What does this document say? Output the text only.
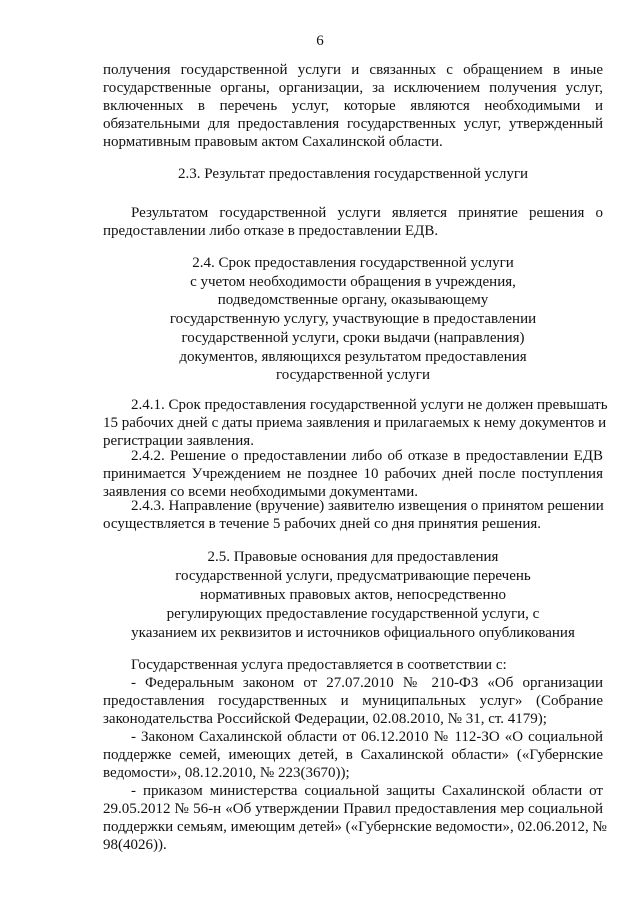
6
получения государственной услуги и связанных с обращением в иные
государственные органы, организации, за исключением получения услуг,
включенных в перечень услуг, которые являются необходимыми и
обязательными для предоставления государственных услуг, утвержденный
нормативным правовым актом Сахалинской области.
2.3. Результат предоставления государственной услуги
Результатом государственной услуги является принятие решения о
предоставлении либо отказе в предоставлении ЕДВ.
2.4. Срок предоставления государственной услуги
с учетом необходимости обращения в учреждения,
подведомственные органу, оказывающему
государственную услугу, участвующие в предоставлении
государственной услуги, сроки выдачи (направления)
документов, являющихся результатом предоставления
государственной услуги
2.4.1. Срок предоставления государственной услуги не должен превышать
15 рабочих дней с даты приема заявления и прилагаемых к нему документов и
регистрации заявления.
2.4.2. Решение о предоставлении либо об отказе в предоставлении ЕДВ
принимается Учреждением не позднее 10 рабочих дней после поступления
заявления со всеми необходимыми документами.
2.4.3. Направление (вручение) заявителю извещения о принятом решении
осуществляется в течение 5 рабочих дней со дня принятия решения.
2.5. Правовые основания для предоставления
государственной услуги, предусматривающие перечень
нормативных правовых актов, непосредственно
регулирующих предоставление государственной услуги, с
указанием их реквизитов и источников официального опубликования
Государственная услуга предоставляется в соответствии с:
- Федеральным законом от 27.07.2010 № 210-ФЗ «Об организации
предоставления государственных и муниципальных услуг» (Собрание
законодательства Российской Федерации, 02.08.2010, № 31, ст. 4179);
- Законом Сахалинской области от 06.12.2010 № 112-ЗО «О социальной
поддержке семей, имеющих детей, в Сахалинской области» («Губернские
ведомости», 08.12.2010, № 223(3670));
- приказом министерства социальной защиты Сахалинской области от
29.05.2012 № 56-н «Об утверждении Правил предоставления мер социальной
поддержки семьям, имеющим детей» («Губернские ведомости», 02.06.2012, №
98(4026)).
